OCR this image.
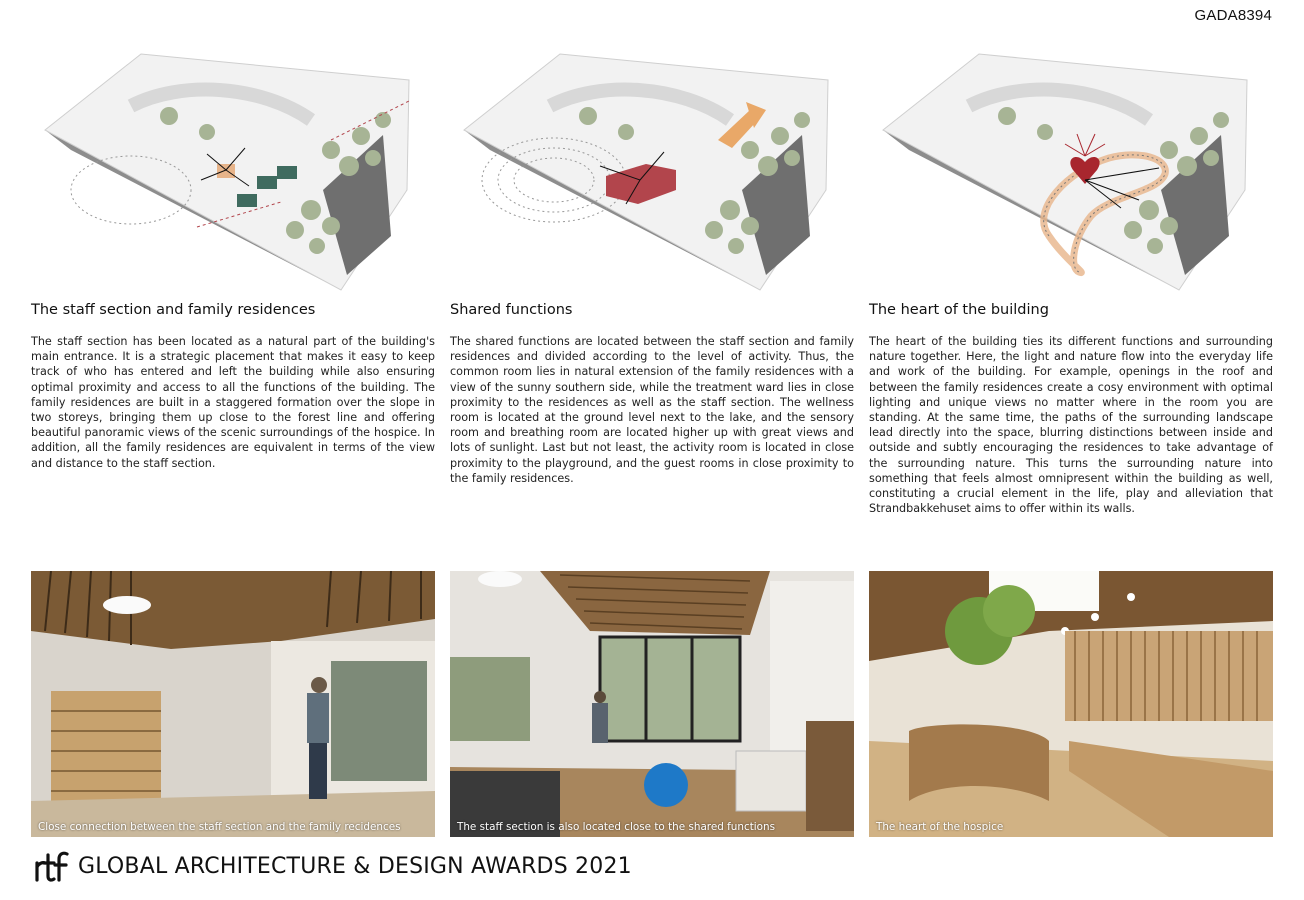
GADA8394
The staff section and family residences
The staff section has been located as a natural part of the building's main entrance. It is a strategic placement that makes it easy to keep track of who has entered and left the building while also ensuring optimal proximity and access to all the functions of the building. The family residences are built in a staggered formation over the slope in two storeys, bringing them up close to the forest line and offering beautiful panoramic views of the scenic surroundings of the hospice. In addition, all the family residences are equivalent in terms of the view and distance to the staff section.
Close connection between the staff section and the family recidences
Shared functions
The shared functions are located between the staff section and family residences and divided according to the level of activity. Thus, the common room lies in natural extension of the family residences with a view of the sunny southern side, while the treatment ward lies in close proximity to the residences as well as the staff section. The wellness room is located at the ground level next to the lake, and the sensory room and breathing room are located higher up with great views and lots of sunlight. Last but not least, the activity room is located in close proximity to the playground, and the guest rooms in close proximity to the family residences.
The staff section is also located close to the shared functions
The heart of the building
The heart of the building ties its different functions and surrounding nature together. Here, the light and nature flow into the everyday life and work of the building. For example, openings in the roof and between the family residences create a cosy environment with optimal lighting and unique views no matter where in the room you are standing. At the same time, the paths of the surrounding landscape lead directly into the space, blurring distinctions between inside and outside and subtly encouraging the residences to take advantage of the surrounding nature. This turns the surrounding nature into something that feels almost omnipresent within the building as well, constituting a crucial element in the life, play and alleviation that Strandbakkehuset aims to offer within its walls.
The heart of the hospice
GLOBAL ARCHITECTURE & DESIGN AWARDS 2021
